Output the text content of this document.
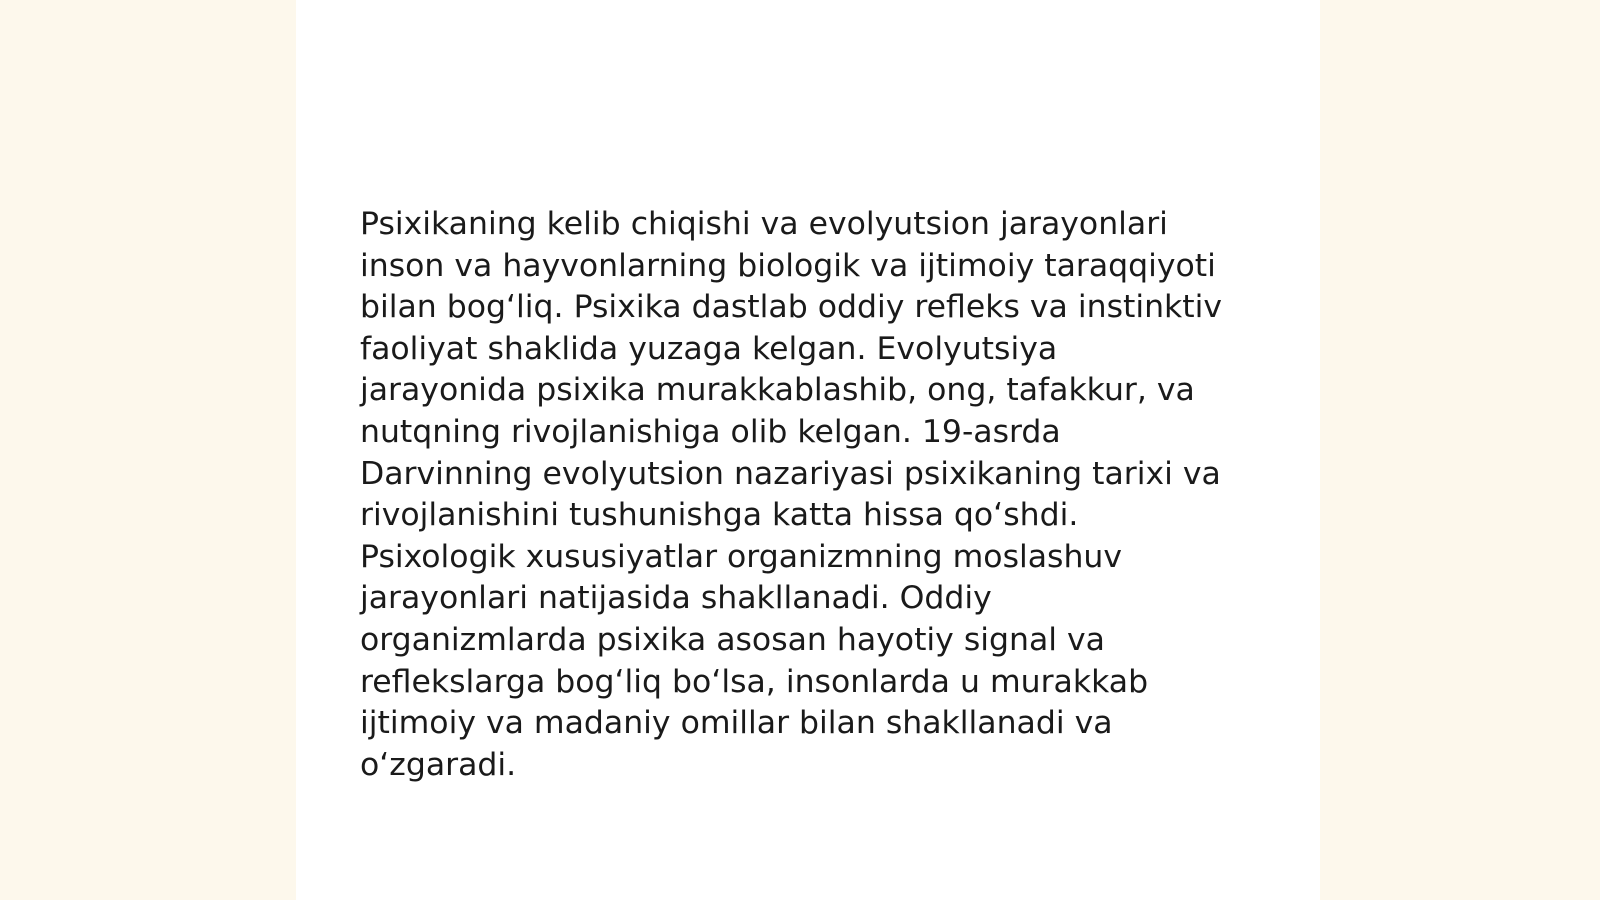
Psixikaning kelib chiqishi va evolyutsion jarayonlari
inson va hayvonlarning biologik va ijtimoiy taraqqiyoti
bilan bogʻliq. Psixika dastlab oddiy refleks va instinktiv
faoliyat shaklida yuzaga kelgan. Evolyutsiya
jarayonida psixika murakkablashib, ong, tafakkur, va
nutqning rivojlanishiga olib kelgan. 19-asrda
Darvinning evolyutsion nazariyasi psixikaning tarixi va
rivojlanishini tushunishga katta hissa qoʻshdi.
Psixologik xususiyatlar organizmning moslashuv
jarayonlari natijasida shakllanadi. Oddiy
organizmlarda psixika asosan hayotiy signal va
reflekslarga bogʻliq boʻlsa, insonlarda u murakkab
ijtimoiy va madaniy omillar bilan shakllanadi va
oʻzgaradi.
